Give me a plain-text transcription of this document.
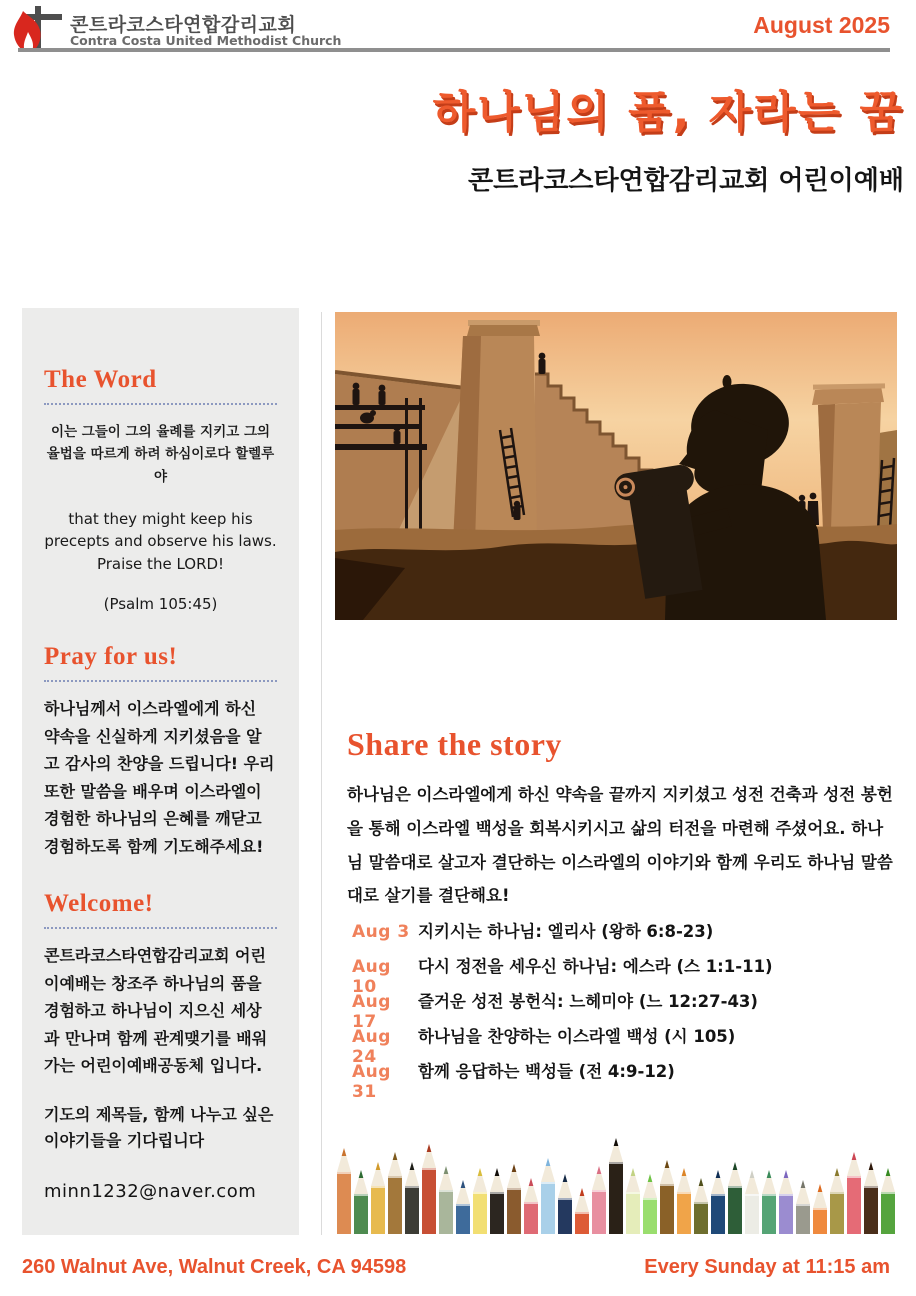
콘트라코스타연합감리교회
Contra Costa United Methodist Church
August 2025
하나님의 품, 자라는 꿈
콘트라코스타연합감리교회 어린이예배
The Word
이는 그들이 그의 율례를 지키고 그의 율법을 따르게 하려 하심이로다 할렐루야
that they might keep his precepts and observe his laws. Praise the LORD!
(Psalm 105:45)
Pray for us!
하나님께서 이스라엘에게 하신 약속을 신실하게 지키셨음을 알고 감사의 찬양을 드립니다! 우리 또한 말씀을 배우며 이스라엘이 경험한 하나님의 은혜를 깨닫고 경험하도록 함께 기도해주세요!
Welcome!
콘트라코스타연합감리교회 어린이예배는 창조주 하나님의 품을 경험하고 하나님이 지으신 세상과 만나며 함께 관계맺기를 배워가는 어린이예배공동체 입니다.
기도의 제목들, 함께 나누고 싶은 이야기들을 기다립니다
minn1232@naver.com
Share the story
하나님은 이스라엘에게 하신 약속을 끝까지 지키셨고 성전 건축과 성전 봉헌을 통해 이스라엘 백성을 회복시키시고 삶의 터전을 마련해 주셨어요. 하나님 말씀대로 살고자 결단하는 이스라엘의 이야기와 함께 우리도 하나님 말씀대로 살기를 결단해요!
Aug 3 지키시는 하나님: 엘리사 (왕하 6:8-23)
Aug 10
다시 정전을 세우신 하나님: 에스라 (스 1:1-11)
Aug 17
즐거운 성전 봉헌식: 느헤미야 (느 12:27-43)
Aug 24
하나님을 찬양하는 이스라엘 백성 (시 105)
Aug 31
함께 응답하는 백성들 (전 4:9-12)
260 Walnut Ave, Walnut Creek, CA 94598	Every Sunday at 11:15 am
